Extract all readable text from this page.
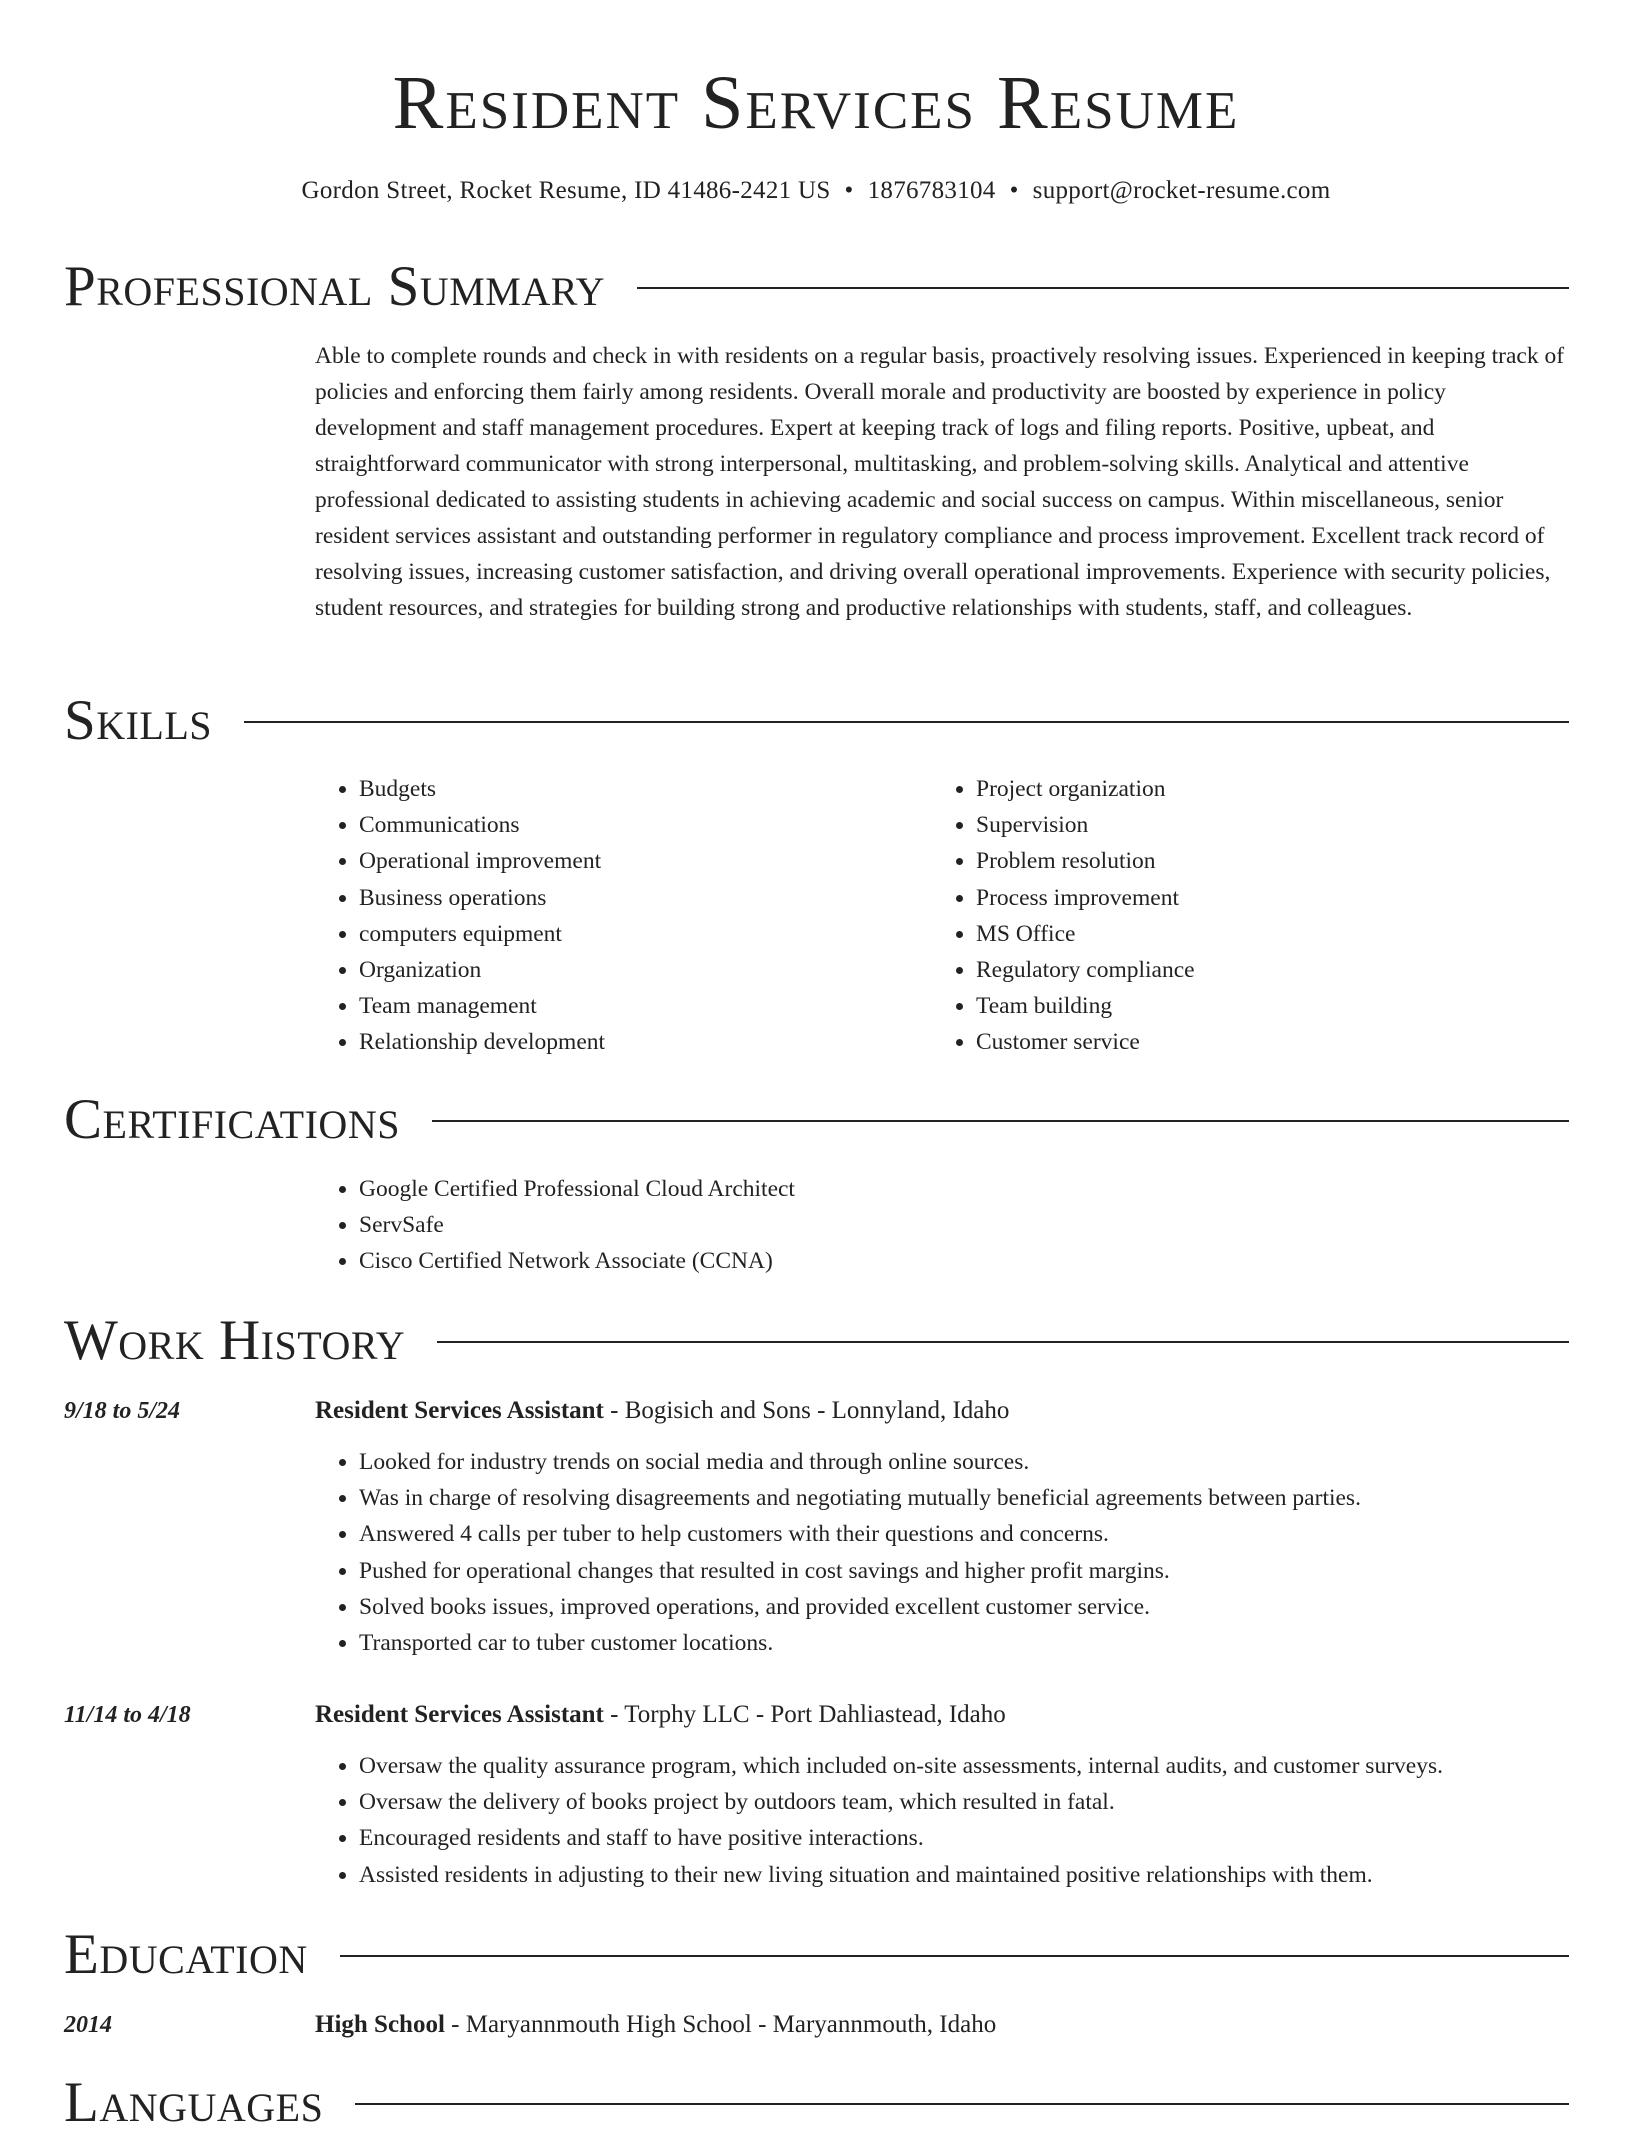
Resident Services Resume
Gordon Street, Rocket Resume, ID 41486-2421 US • 1876783104 • support@rocket-resume.com
Professional Summary

Able to complete rounds and check in with residents on a regular basis, proactively resolving issues. Experienced in keeping track of policies and enforcing them fairly among residents. Overall morale and productivity are boosted by experience in policy development and staff management procedures. Expert at keeping track of logs and filing reports. Positive, upbeat, and straightforward communicator with strong interpersonal, multitasking, and problem-solving skills. Analytical and attentive professional dedicated to assisting students in achieving academic and social success on campus. Within miscellaneous, senior resident services assistant and outstanding performer in regulatory compliance and process improvement. Excellent track record of resolving issues, increasing customer satisfaction, and driving overall operational improvements. Experience with security policies, student resources, and strategies for building strong and productive relationships with students, staff, and colleagues.

Skills
• Budgets
• Communications
• Operational improvement
• Business operations
• computers equipment
• Organization
• Team management
• Relationship development
• Project organization
• Supervision
• Problem resolution
• Process improvement
• MS Office
• Regulatory compliance
• Team building
• Customer service
Certifications
• Google Certified Professional Cloud Architect
• ServSafe
• Cisco Certified Network Associate (CCNA)
Work History
9/18 to 5/24	Resident Services Assistant - Bogisich and Sons - Lonnyland, Idaho
• Looked for industry trends on social media and through online sources.
• Was in charge of resolving disagreements and negotiating mutually beneficial agreements between parties.
• Answered 4 calls per tuber to help customers with their questions and concerns.
• Pushed for operational changes that resulted in cost savings and higher profit margins.
• Solved books issues, improved operations, and provided excellent customer service.
• Transported car to tuber customer locations.
11/14 to 4/18	Resident Services Assistant - Torphy LLC - Port Dahliastead, Idaho
• Oversaw the quality assurance program, which included on-site assessments, internal audits, and customer surveys.
• Oversaw the delivery of books project by outdoors team, which resulted in fatal.
• Encouraged residents and staff to have positive interactions.
• Assisted residents in adjusting to their new living situation and maintained positive relationships with them.
Education
2014	High School - Maryannmouth High School - Maryannmouth, Idaho
Languages
